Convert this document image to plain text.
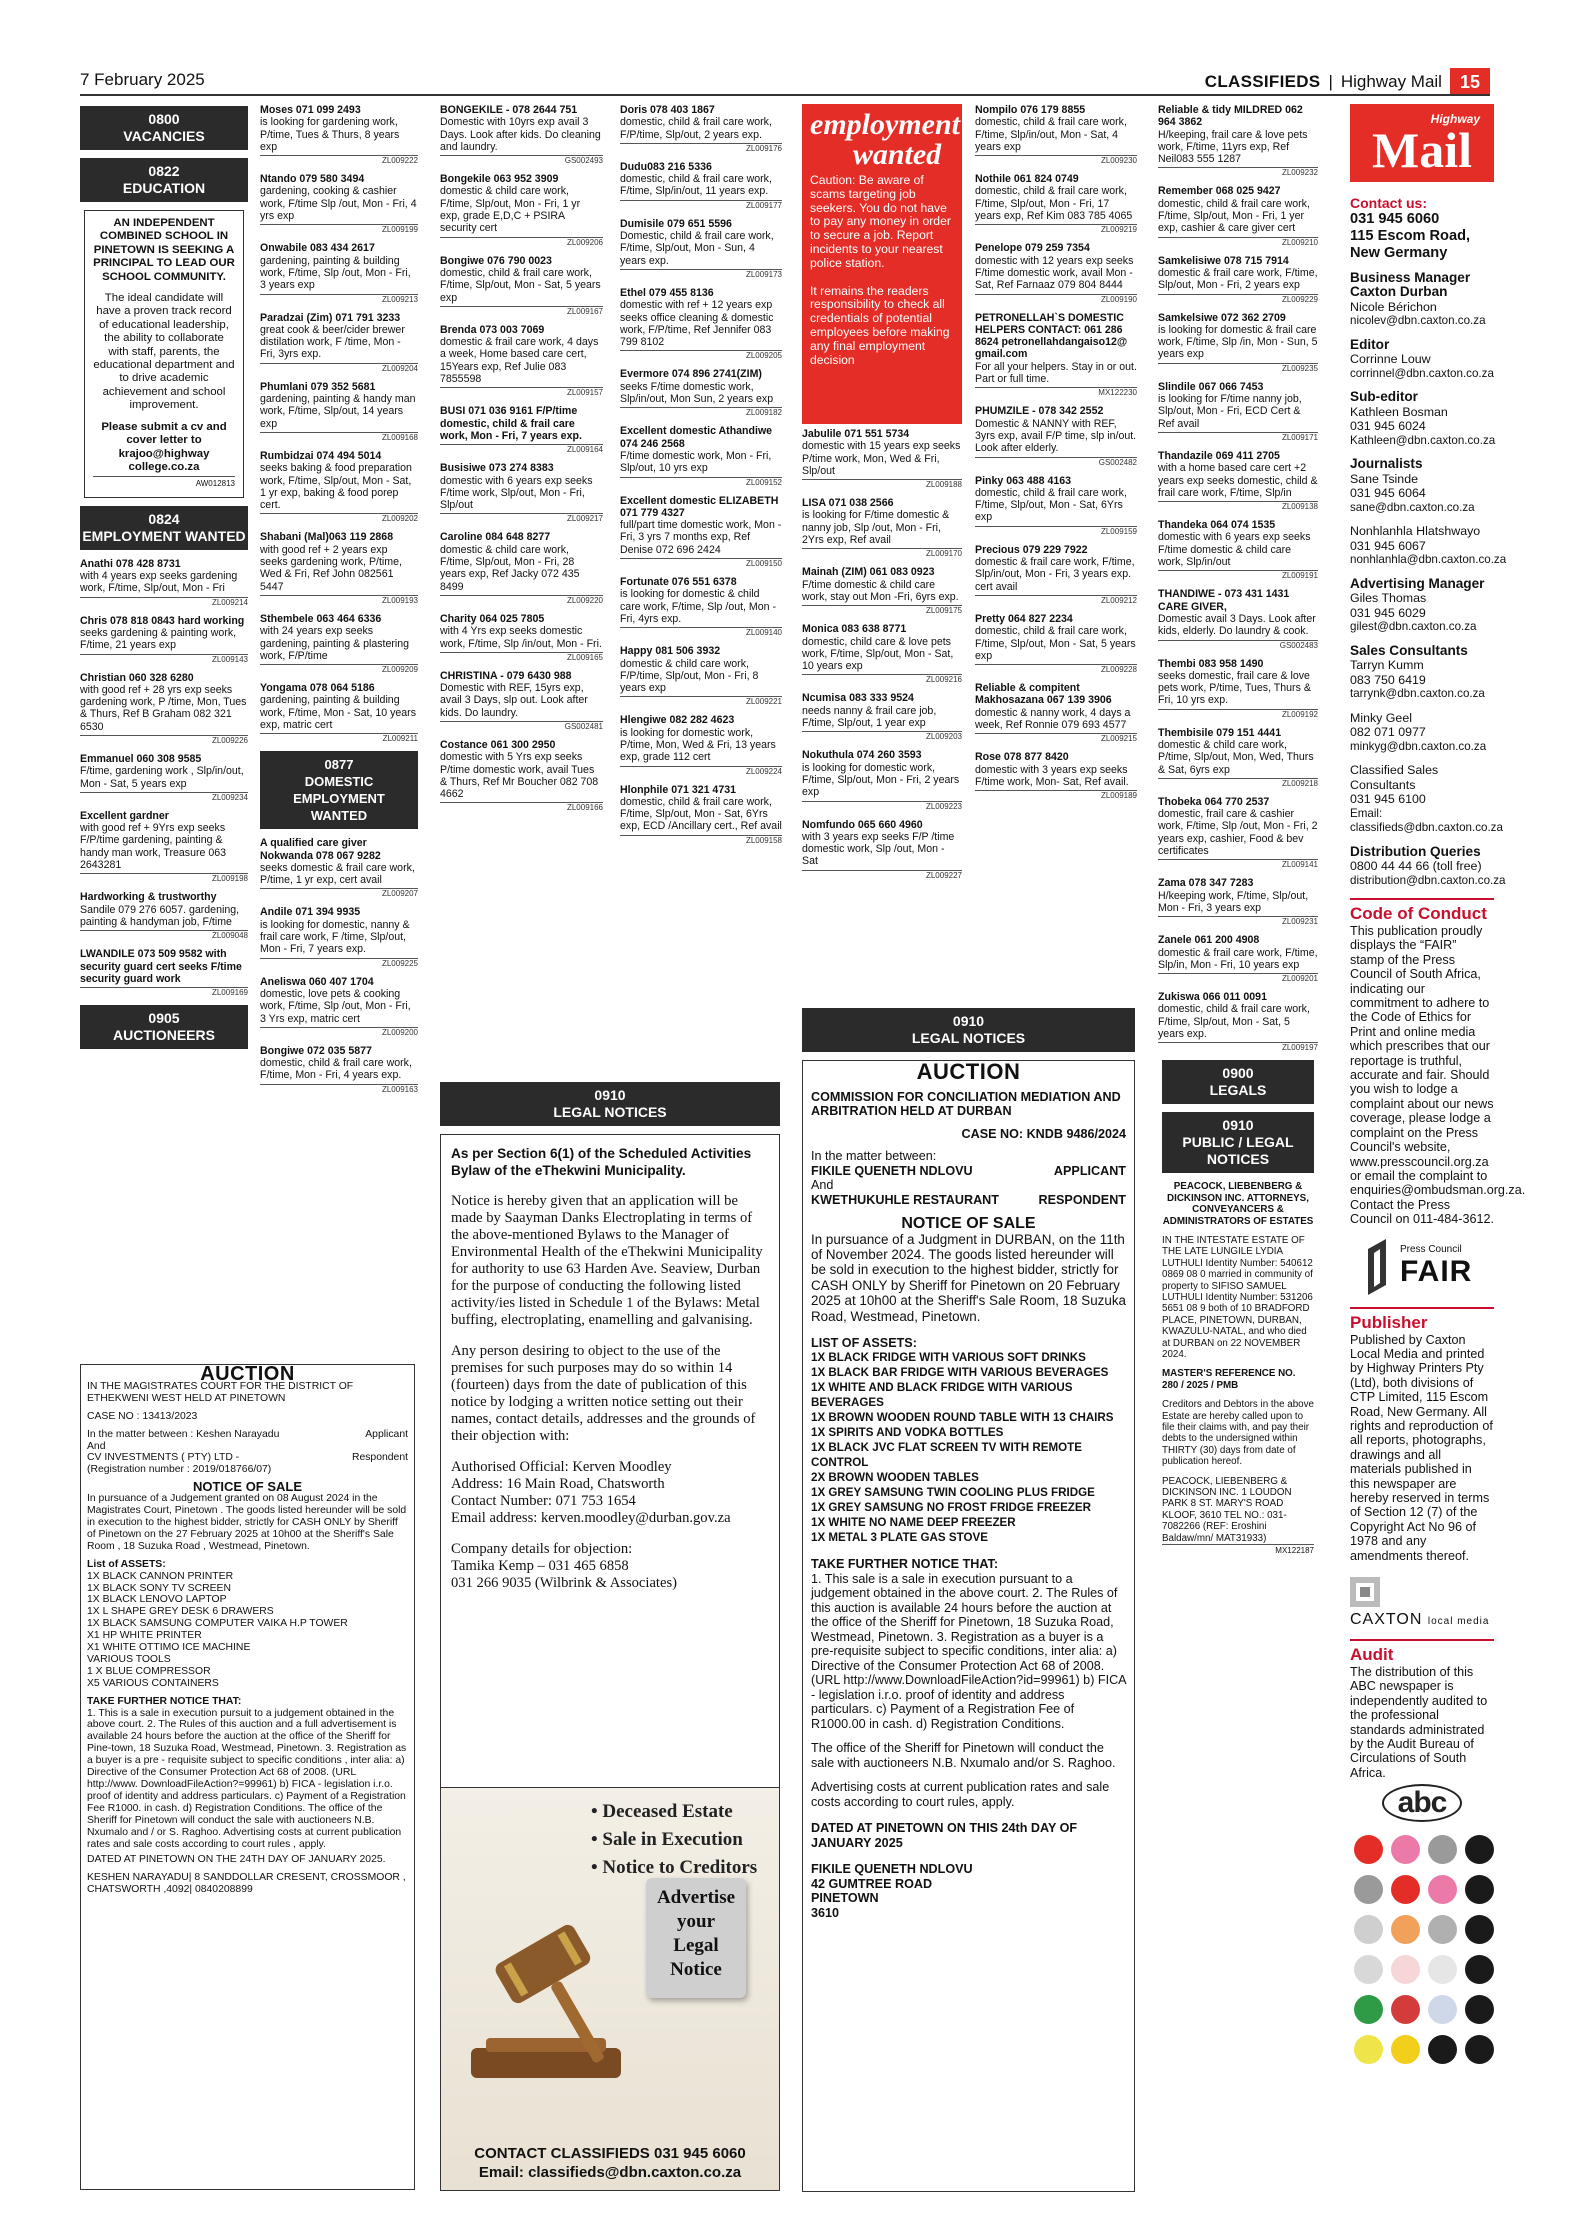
7 February 2025	CLASSIFIEDS | Highway Mail	15
0800
VACANCIES
0822
EDUCATION
AN INDEPENDENT COMBINED SCHOOL IN PINETOWN IS SEEKING A PRINCIPAL TO LEAD OUR SCHOOL COMMUNITY.
The ideal candidate will have a proven track record of educational leadership, the ability to collaborate with staff, parents, the educational department and to drive academic achievement and school improvement.
Please submit a cv and cover letter to krajoo@highway college.co.za
AW012813
0824
EMPLOYMENT WANTED
Anathi 078 428 8731
with 4 years exp seeks gardening work, F/time, Slp/out, Mon - Fri
ZL009214
Chris 078 818 0843 hard working
seeks gardening & painting work, F/time, 21 years exp
ZL009143
Christian 060 328 6280
with good ref + 28 yrs exp seeks gardening work, P /time, Mon, Tues & Thurs, Ref B Graham 082 321 6530
ZL009226
Emmanuel 060 308 9585
F/time, gardening work , Slp/in/out, Mon - Sat, 5 years exp
ZL009234
Excellent gardner
with good ref + 9Yrs exp seeks F/P/time gardening, painting & handy man work, Treasure 063 2643281
ZL009198
Hardworking & trustworthy
Sandile 079 276 6057. gardening, painting & handyman job, F/time
ZL009048
LWANDILE 073 509 9582 with security guard cert seeks F/time security guard work
ZL009169
0905
AUCTIONEERS
AUCTION
IN THE MAGISTRATES COURT FOR THE DISTRICT OF ETHEKWENI WEST HELD AT PINETOWN
CASE NO : 13413/2023
In the matter between : Keshen Narayadu	Applicant
And
CV INVESTMENTS ( PTY) LTD -	Respondent
(Registration number : 2019/018766/07)
NOTICE OF SALE
In pursuance of a Judgement granted on 08 August 2024 in the Magistrates Court, Pinetown . The goods listed hereunder will be sold in execution to the highest bidder, strictly for CASH ONLY by Sheriff of Pinetown on the 27 February 2025 at 10h00 at the Sheriff's Sale Room , 18 Suzuka Road , Westmead, Pinetown.
List of ASSETS:
1X BLACK CANNON PRINTER
1X BLACK SONY TV SCREEN
1X BLACK LENOVO LAPTOP
1X L SHAPE GREY DESK 6 DRAWERS
1X BLACK SAMSUNG COMPUTER VAIKA H.P TOWER
X1 HP WHITE PRINTER
X1 WHITE OTTIMO ICE MACHINE
VARIOUS TOOLS
1 X BLUE COMPRESSOR
X5 VARIOUS CONTAINERS
TAKE FURTHER NOTICE THAT:
1. This is a sale in execution pursuit to a judgement obtained in the above court. 2. The Rules of this auction and a full advertisement is available 24 hours before the auction at the office of the Sheriff for Pine-town, 18 Suzuka Road, Westmead, Pinetown. 3. Registration as a buyer is a pre - requisite subject to specific conditions , inter alia: a) Directive of the Consumer Protection Act 68 of 2008. (URL http://www. DownloadFileAction?=99961) b) FICA - legislation i.r.o. proof of identity and address particulars. c) Payment of a Registration Fee R1000. in cash. d) Registration Conditions. The office of the Sheriff for Pinetown will conduct the sale with auctioneers N.B. Nxumalo and / or S. Raghoo. Advertising costs at current publication rates and sale costs according to court rules , apply.
DATED AT PINETOWN ON THE 24TH DAY OF JANUARY 2025.
KESHEN NARAYADU| 8 SANDDOLLAR CRESENT, CROSSMOOR , CHATSWORTH ,4092| 0840208899
Moses 071 099 2493
is looking for gardening work, P/time, Tues & Thurs, 8 years exp
ZL009222
Ntando 079 580 3494
gardening, cooking & cashier work, F/time Slp /out, Mon - Fri, 4 yrs exp
ZL009199
Onwabile 083 434 2617
gardening, painting & building work, F/time, Slp /out, Mon - Fri, 3 years exp
ZL009213
Paradzai (Zim) 071 791 3233
great cook & beer/cider brewer distilation work, F /time, Mon - Fri, 3yrs exp.
ZL009204
Phumlani 079 352 5681
gardening, painting & handy man work, F/time, Slp/out, 14 years exp
ZL009168
Rumbidzai 074 494 5014
seeks baking & food preparation work, F/time, Slp/out, Mon - Sat, 1 yr exp, baking & food porep cert.
ZL009202
Shabani (Mal)063 119 2868
with good ref + 2 years exp seeks gardening work, P/time, Wed & Fri, Ref John 082561 5447
ZL009193
Sthembele 063 464 6336
with 24 years exp seeks gardening, painting & plastering work, F/P/time
ZL009209
Yongama 078 064 5186
gardening, painting & building work, F/time, Mon - Sat, 10 years exp, matric cert
ZL009211
0877
DOMESTIC EMPLOYMENT
WANTED
A qualified care giver Nokwanda 078 067 9282
seeks domestic & frail care work, P/time, 1 yr exp, cert avail
ZL009207
Andile 071 394 9935
is looking for domestic, nanny & frail care work, F /time, Slp/out, Mon - Fri, 7 years exp.
ZL009225
Aneliswa 060 407 1704
domestic, love pets & cooking work, F/time, Slp /out, Mon - Fri, 3 Yrs exp, matric cert
ZL009200
Bongiwe 072 035 5877
domestic, child & frail care work, F/time, Mon - Fri, 4 years exp.
ZL009163
BONGEKILE - 078 2644 751
Domestic with 10yrs exp avail 3 Days. Look after kids. Do cleaning and laundry.
GS002493
Bongekile 063 952 3909
domestic & child care work, F/time, Slp/out, Mon - Fri, 1 yr exp, grade E,D,C + PSIRA security cert
ZL009206
Bongiwe 076 790 0023
domestic, child & frail care work, F/time, Slp/out, Mon - Sat, 5 years exp
ZL009167
Brenda 073 003 7069
domestic & frail care work, 4 days a week, Home based care cert, 15Years exp, Ref Julie 083 7855598
ZL009157
BUSI 071 036 9161 F/P/time domestic, child & frail care work, Mon - Fri, 7 years exp.
ZL009164
Busisiwe 073 274 8383
domestic with 6 years exp seeks F/time work, Slp/out, Mon - Fri, Slp/out
ZL009217
Caroline 084 648 8277
domestic & child care work, F/time, Slp/out, Mon - Fri, 28 years exp, Ref Jacky 072 435 8499
ZL009220
Charity 064 025 7805
with 4 Yrs exp seeks domestic work, F/time, Slp /in/out, Mon - Fri.
ZL009165
CHRISTINA - 079 6430 988
Domestic with REF, 15yrs exp, avail 3 Days, slp out. Look after kids. Do laundry.
GS002481
Costance 061 300 2950
domestic with 5 Yrs exp seeks P/time domestic work, avail Tues & Thurs, Ref Mr Boucher 082 708 4662
ZL009166
Doris 078 403 1867
domestic, child & frail care work, F/P/time, Slp/out, 2 years exp.
ZL009176
Dudu083 216 5336
domestic, child & frail care work, F/time, Slp/in/out, 11 years exp.
ZL009177
Dumisile 079 651 5596
Domestic, child & frail care work, F/time, Slp/out, Mon - Sun, 4 years exp.
ZL009173
Ethel 079 455 8136
domestic with ref + 12 years exp seeks office cleaning & domestic work, F/P/time, Ref Jennifer 083 799 8102
ZL009205
Evermore 074 896 2741(ZIM)
seeks F/time domestic work, Slp/in/out, Mon Sun, 2 years exp
ZL009182
Excellent domestic Athandiwe 074 246 2568
F/time domestic work, Mon - Fri, Slp/out, 10 yrs exp
ZL009152
Excellent domestic ELIZABETH 071 779 4327
full/part time domestic work, Mon - Fri, 3 yrs 7 months exp, Ref Denise 072 696 2424
ZL009150
Fortunate 076 551 6378
is looking for domestic & child care work, F/time, Slp /out, Mon - Fri, 4yrs exp.
ZL009140
Happy 081 506 3932
domestic & child care work, F/P/time, Slp/out, Mon - Fri, 8 years exp
ZL009221
Hlengiwe 082 282 4623
is looking for domestic work, P/time, Mon, Wed & Fri, 13 years exp, grade 112 cert
ZL009224
Hlonphile 071 321 4731
domestic, child & frail care work, F/time, Slp/out, Mon - Sat, 6Yrs exp, ECD /Ancillary cert., Ref avail
ZL009158
0910
LEGAL NOTICES
As per Section 6(1) of the Scheduled Activities Bylaw of the eThekwini Municipality.
Notice is hereby given that an application will be made by Saayman Danks Electroplating in terms of the above-mentioned Bylaws to the Manager of Environmental Health of the eThekwini Municipality for authority to use 63 Harden Ave. Seaview, Durban for the purpose of conducting the following listed activity/ies listed in Schedule 1 of the Bylaws: Metal buffing, electroplating, enamelling and galvanising.
Any person desiring to object to the use of the premises for such purposes may do so within 14 (fourteen) days from the date of publication of this notice by lodging a written notice setting out their names, contact details, addresses and the grounds of their objection with:
Authorised Official: Kerven Moodley
Address: 16 Main Road, Chatsworth
Contact Number: 071 753 1654
Email address: kerven.moodley@durban.gov.za
Company details for objection:
Tamika Kemp – 031 465 6858
031 266 9035 (Wilbrink & Associates)
• Deceased Estate
• Sale in Execution
• Notice to Creditors
Advertise
your
Legal
Notice
CONTACT CLASSIFIEDS 031 945 6060
Email: classifieds@dbn.caxton.co.za
employment
wanted

Caution: Be aware of scams targeting job seekers. You do not have to pay any money in order to secure a job. Report incidents to your nearest police station.

It remains the readers responsibility to check all credentials of potential employees before making any final employment decision

Jabulile 071 551 5734
domestic with 15 years exp seeks P/time work, Mon, Wed & Fri, Slp/out
ZL009188
LISA 071 038 2566
is looking for F/time domestic & nanny job, Slp /out, Mon - Fri, 2Yrs exp, Ref avail
ZL009170
Mainah (ZIM) 061 083 0923
F/time domestic & child care work, stay out Mon -Fri, 6yrs exp.
ZL009175
Monica 083 638 8771
domestic, child care & love pets work, F/time, Slp/out, Mon - Sat, 10 years exp
ZL009216
Ncumisa 083 333 9524
needs nanny & frail care job, F/time, Slp/out, 1 year exp
ZL009203
Nokuthula 074 260 3593
is looking for domestic work, F/time, Slp/out, Mon - Fri, 2 years exp
ZL009223
Nomfundo 065 660 4960
with 3 years exp seeks F/P /time domestic work, Slp /out, Mon - Sat
ZL009227
Nompilo 076 179 8855
domestic, child & frail care work, F/time, Slp/in/out, Mon - Sat, 4 years exp
ZL009230
Nothile 061 824 0749
domestic, child & frail care work, F/time, Slp/out, Mon - Fri, 17 years exp, Ref Kim 083 785 4065
ZL009219
Penelope 079 259 7354
domestic with 12 years exp seeks F/time domestic work, avail Mon - Sat, Ref Farnaaz 079 804 8444
ZL009190
PETRONELLAH`S DOMESTIC HELPERS CONTACT: 061 286 8624 petronellahdangaiso12@ gmail.com
For all your helpers. Stay in or out. Part or full time.
MX122230
PHUMZILE - 078 342 2552
Domestic & NANNY with REF, 3yrs exp, avail F/P time, slp in/out. Look after elderly.
GS002482
Pinky 063 488 4163
domestic, child & frail care work, F/time, Slp/out, Mon - Sat, 6Yrs exp
ZL009159
Precious 079 229 7922
domestic & frail care work, F/time, Slp/in/out, Mon - Fri, 3 years exp. cert avail
ZL009212
Pretty 064 827 2234
domestic, child & frail care work, F/time, Slp/out, Mon - Sat, 5 years exp
ZL009228
Reliable & compitent Makhosazana 067 139 3906
domestic & nanny work, 4 days a week, Ref Ronnie 079 693 4577
ZL009215
Rose 078 877 8420
domestic with 3 years exp seeks F/time work, Mon- Sat, Ref avail.
ZL009189
0910
LEGAL NOTICES
AUCTION
COMMISSION FOR CONCILIATION MEDIATION AND ARBITRATION HELD AT DURBAN
CASE NO: KNDB 9486/2024
In the matter between:
FIKILE QUENETH NDLOVU	APPLICANT
And
KWETHUKUHLE RESTAURANT	RESPONDENT
NOTICE OF SALE
In pursuance of a Judgment in DURBAN, on the 11th of November 2024. The goods listed hereunder will be sold in execution to the highest bidder, strictly for CASH ONLY by Sheriff for Pinetown on 20 February 2025 at 10h00 at the Sheriff's Sale Room, 18 Suzuka Road, Westmead, Pinetown.
LIST OF ASSETS:
1X BLACK FRIDGE WITH VARIOUS SOFT DRINKS
1X BLACK BAR FRIDGE WITH VARIOUS BEVERAGES
1X WHITE AND BLACK FRIDGE WITH VARIOUS BEVERAGES
1X BROWN WOODEN ROUND TABLE WITH 13 CHAIRS
1X SPIRITS AND VODKA BOTTLES
1X BLACK JVC FLAT SCREEN TV WITH REMOTE CONTROL
2X BROWN WOODEN TABLES
1X GREY SAMSUNG TWIN COOLING PLUS FRIDGE
1X GREY SAMSUNG NO FROST FRIDGE FREEZER
1X WHITE NO NAME DEEP FREEZER
1X METAL 3 PLATE GAS STOVE
TAKE FURTHER NOTICE THAT:
1. This sale is a sale in execution pursuant to a judgement obtained in the above court. 2. The Rules of this auction is available 24 hours before the auction at the office of the Sheriff for Pinetown, 18 Suzuka Road, Westmead, Pinetown. 3. Registration as a buyer is a pre-requisite subject to specific conditions, inter alia: a) Directive of the Consumer Protection Act 68 of 2008. (URL http://www.DownloadFileAction?id=99961) b) FICA - legislation i.r.o. proof of identity and address particulars. c) Payment of a Registration Fee of R1000.00 in cash. d) Registration Conditions.
The office of the Sheriff for Pinetown will conduct the sale with auctioneers N.B. Nxumalo and/or S. Raghoo.
Advertising costs at current publication rates and sale costs according to court rules, apply.
DATED AT PINETOWN ON THIS 24th DAY OF JANUARY 2025
FIKILE QUENETH NDLOVU
42 GUMTREE ROAD
PINETOWN
3610
Reliable & tidy MILDRED 062 964 3862
H/keeping, frail care & love pets work, F/time, 11yrs exp, Ref Neil083 555 1287
ZL009232
Remember 068 025 9427
domestic, child & frail care work, F/time, Slp/out, Mon - Fri, 1 yer exp, cashier & care giver cert
ZL009210
Samkelisiwe 078 715 7914
domestic & frail care work, F/time, Slp/out, Mon - Fri, 2 years exp
ZL009229
Samkelsiwe 072 362 2709
is looking for domestic & frail care work, F/time, Slp /in, Mon - Sun, 5 years exp
ZL009235
Slindile 067 066 7453
is looking for F/time nanny job, Slp/out, Mon - Fri, ECD Cert & Ref avail
ZL009171
Thandazile 069 411 2705
with a home based care cert +2 years exp seeks domestic, child & frail care work, F/time, Slp/in
ZL009138
Thandeka 064 074 1535
domestic with 6 years exp seeks F/time domestic & child care work, Slp/in/out
ZL009191
THANDIWE - 073 431 1431 CARE GIVER,
Domestic avail 3 Days. Look after kids, elderly. Do laundry & cook.
GS002483
Thembi 083 958 1490
seeks domestic, frail care & love pets work, P/time, Tues, Thurs & Fri, 10 yrs exp.
ZL009192
Thembisile 079 151 4441
domestic & child care work, P/time, Slp/out, Mon, Wed, Thurs & Sat, 6yrs exp
ZL009218
Thobeka 064 770 2537
domestic, frail care & cashier work, F/time, Slp /out, Mon - Fri, 2 years exp, cashier, Food & bev certificates
ZL009141
Zama 078 347 7283
H/keeping work, F/time, Slp/out, Mon - Fri, 3 years exp
ZL009231
Zanele 061 200 4908
domestic & frail care work, F/time, Slp/in, Mon - Fri, 10 years exp
ZL009201
Zukiswa 066 011 0091
domestic, child & frail care work, F/time, Slp/out, Mon - Sat, 5 years exp.
ZL009197
0900
LEGALS
0910
PUBLIC / LEGAL NOTICES
PEACOCK, LIEBENBERG & DICKINSON INC. ATTORNEYS, CONVEYANCERS & ADMINISTRATORS OF ESTATES
IN THE INTESTATE ESTATE OF THE LATE LUNGILE LYDIA LUTHULI Identity Number: 540612 0869 08 0 married in community of property to SIFISO SAMUEL LUTHULI Identity Number: 531206 5651 08 9 both of 10 BRADFORD PLACE, PINETOWN, DURBAN, KWAZULU-NATAL, and who died at DURBAN on 22 NOVEMBER 2024.
MASTER'S REFERENCE NO. 280 / 2025 / PMB
Creditors and Debtors in the above Estate are hereby called upon to file their claims with, and pay their debts to the undersigned within THIRTY (30) days from date of publication hereof.
PEACOCK, LIEBENBERG & DICKINSON INC. 1 LOUDON PARK 8 ST. MARY'S ROAD KLOOF, 3610 TEL NO.: 031- 7082266 (REF: Eroshini Baldaw/mn/ MAT31933)
MX122187
Highway
Mail
Contact us:
031 945 6060
115 Escom Road,
New Germany
Business Manager Caxton Durban
Nicole Bérichon
nicolev@dbn.caxton.co.za
Editor
Corrinne Louw
corrinnel@dbn.caxton.co.za
Sub-editor
Kathleen Bosman
031 945 6024
Kathleen@dbn.caxton.co.za
Journalists
Sane Tsinde
031 945 6064
sane@dbn.caxton.co.za
Nonhlanhla Hlatshwayo
031 945 6067
nonhlanhla@dbn.caxton.co.za
Advertising Manager
Giles Thomas
031 945 6029
gilest@dbn.caxton.co.za
Sales Consultants
Tarryn Kumm
083 750 6419
tarrynk@dbn.caxton.co.za
Minky Geel
082 071 0977
minkyg@dbn.caxton.co.za
Classified Sales Consultants
031 945 6100
Email: classifieds@dbn.caxton.co.za
Distribution Queries
0800 44 44 66 (toll free)
distribution@dbn.caxton.co.za
Code of Conduct
This publication proudly displays the “FAIR” stamp of the Press Council of South Africa, indicating our commitment to adhere to the Code of Ethics for Print and online media which prescribes that our reportage is truthful, accurate and fair. Should you wish to lodge a complaint about our news coverage, please lodge a complaint on the Press Council's website, www.presscouncil.org.za or email the complaint to enquiries@ombudsman.org.za. Contact the Press Council on 011-484-3612.
Press Council
FAIR
Publisher
Published by Caxton Local Media and printed by Highway Printers Pty (Ltd), both divisions of CTP Limited, 115 Escom Road, New Germany. All rights and reproduction of all reports, photographs, drawings and all materials published in this newspaper are hereby reserved in terms of Section 12 (7) of the Copyright Act No 96 of 1978 and any amendments thereof.
CAXTON local media
Audit
The distribution of this ABC newspaper is independently audited to the professional standards administrated by the Audit Bureau of Circulations of South Africa.
abc
